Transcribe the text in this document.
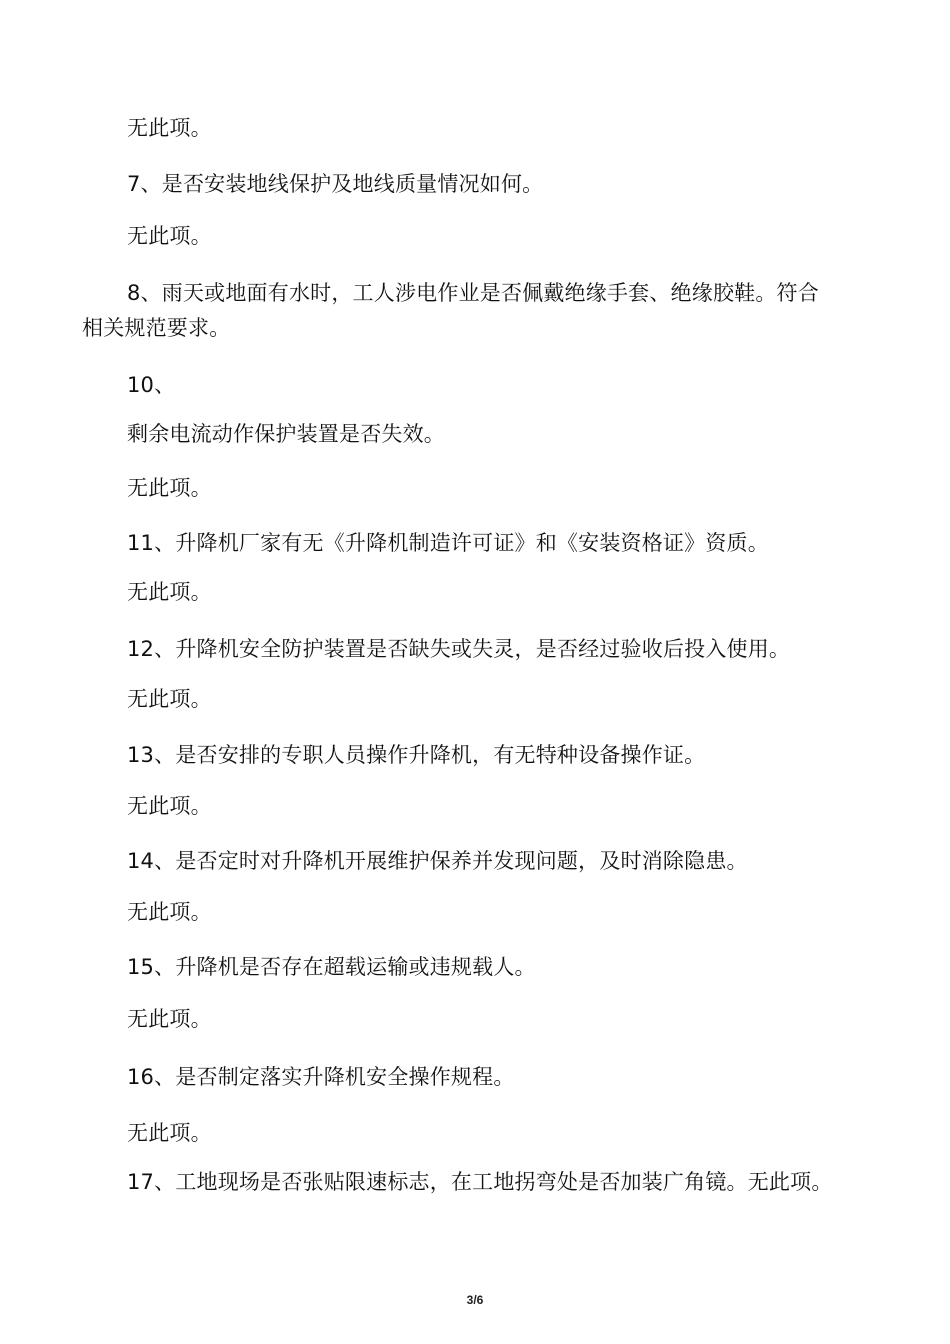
无此项。
7、是否安装地线保护及地线质量情况如何。
无此项。
8、雨天或地面有水时，工人涉电作业是否佩戴绝缘手套、绝缘胶鞋。符合
相关规范要求。
10、
剩余电流动作保护装置是否失效。
无此项。
11、升降机厂家有无《升降机制造许可证》和《安装资格证》资质。
无此项。
12、升降机安全防护装置是否缺失或失灵，是否经过验收后投入使用。
无此项。
13、是否安排的专职人员操作升降机，有无特种设备操作证。
无此项。
14、是否定时对升降机开展维护保养并发现问题，及时消除隐患。
无此项。
15、升降机是否存在超载运输或违规载人。
无此项。
16、是否制定落实升降机安全操作规程。
无此项。
17、工地现场是否张贴限速标志，在工地拐弯处是否加装广角镜。无此项。
3/6
